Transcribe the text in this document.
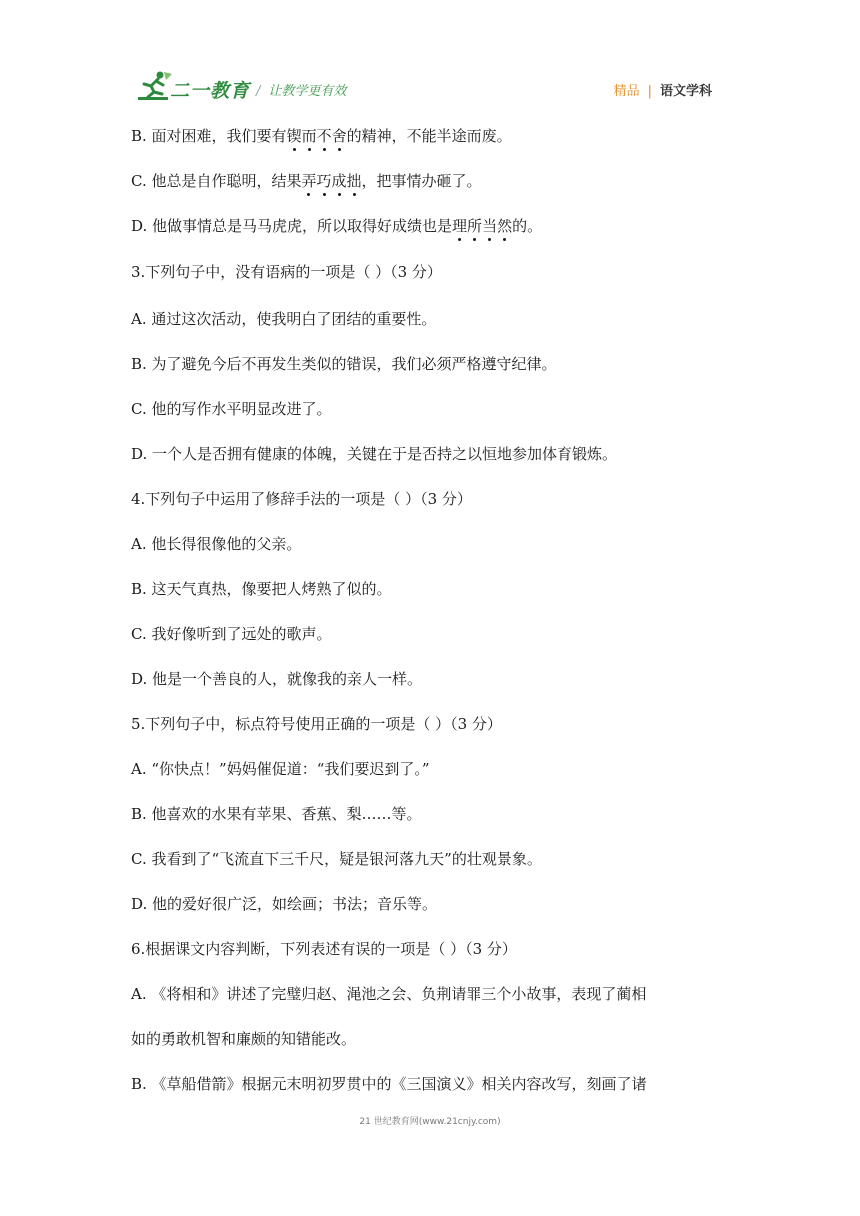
二一教育 / 让教学更有效	精品 | 语文学科
B. 面对困难，我们要有锲而不舍的精神，不能半途而废。
C. 他总是自作聪明，结果弄巧成拙，把事情办砸了。
D. 他做事情总是马马虎虎，所以取得好成绩也是理所当然的。
3.下列句子中，没有语病的一项是（ ）（3 分）
A. 通过这次活动，使我明白了团结的重要性。
B. 为了避免今后不再发生类似的错误，我们必须严格遵守纪律。
C. 他的写作水平明显改进了。
D. 一个人是否拥有健康的体魄，关键在于是否持之以恒地参加体育锻炼。
4.下列句子中运用了修辞手法的一项是（ ）（3 分）
A. 他长得很像他的父亲。
B. 这天气真热，像要把人烤熟了似的。
C. 我好像听到了远处的歌声。
D. 他是一个善良的人，就像我的亲人一样。
5.下列句子中，标点符号使用正确的一项是（ ）（3 分）
A. “你快点！”妈妈催促道：“我们要迟到了。”
B. 他喜欢的水果有苹果、香蕉、梨……等。
C. 我看到了“飞流直下三千尺，疑是银河落九天”的壮观景象。
D. 他的爱好很广泛，如绘画；书法；音乐等。
6.根据课文内容判断，下列表述有误的一项是（ ）（3 分）
A. 《将相和》讲述了完璧归赵、渑池之会、负荆请罪三个小故事，表现了蔺相
如的勇敢机智和廉颇的知错能改。
B. 《草船借箭》根据元末明初罗贯中的《三国演义》相关内容改写，刻画了诸
21 世纪教育网(www.21cnjy.com)
